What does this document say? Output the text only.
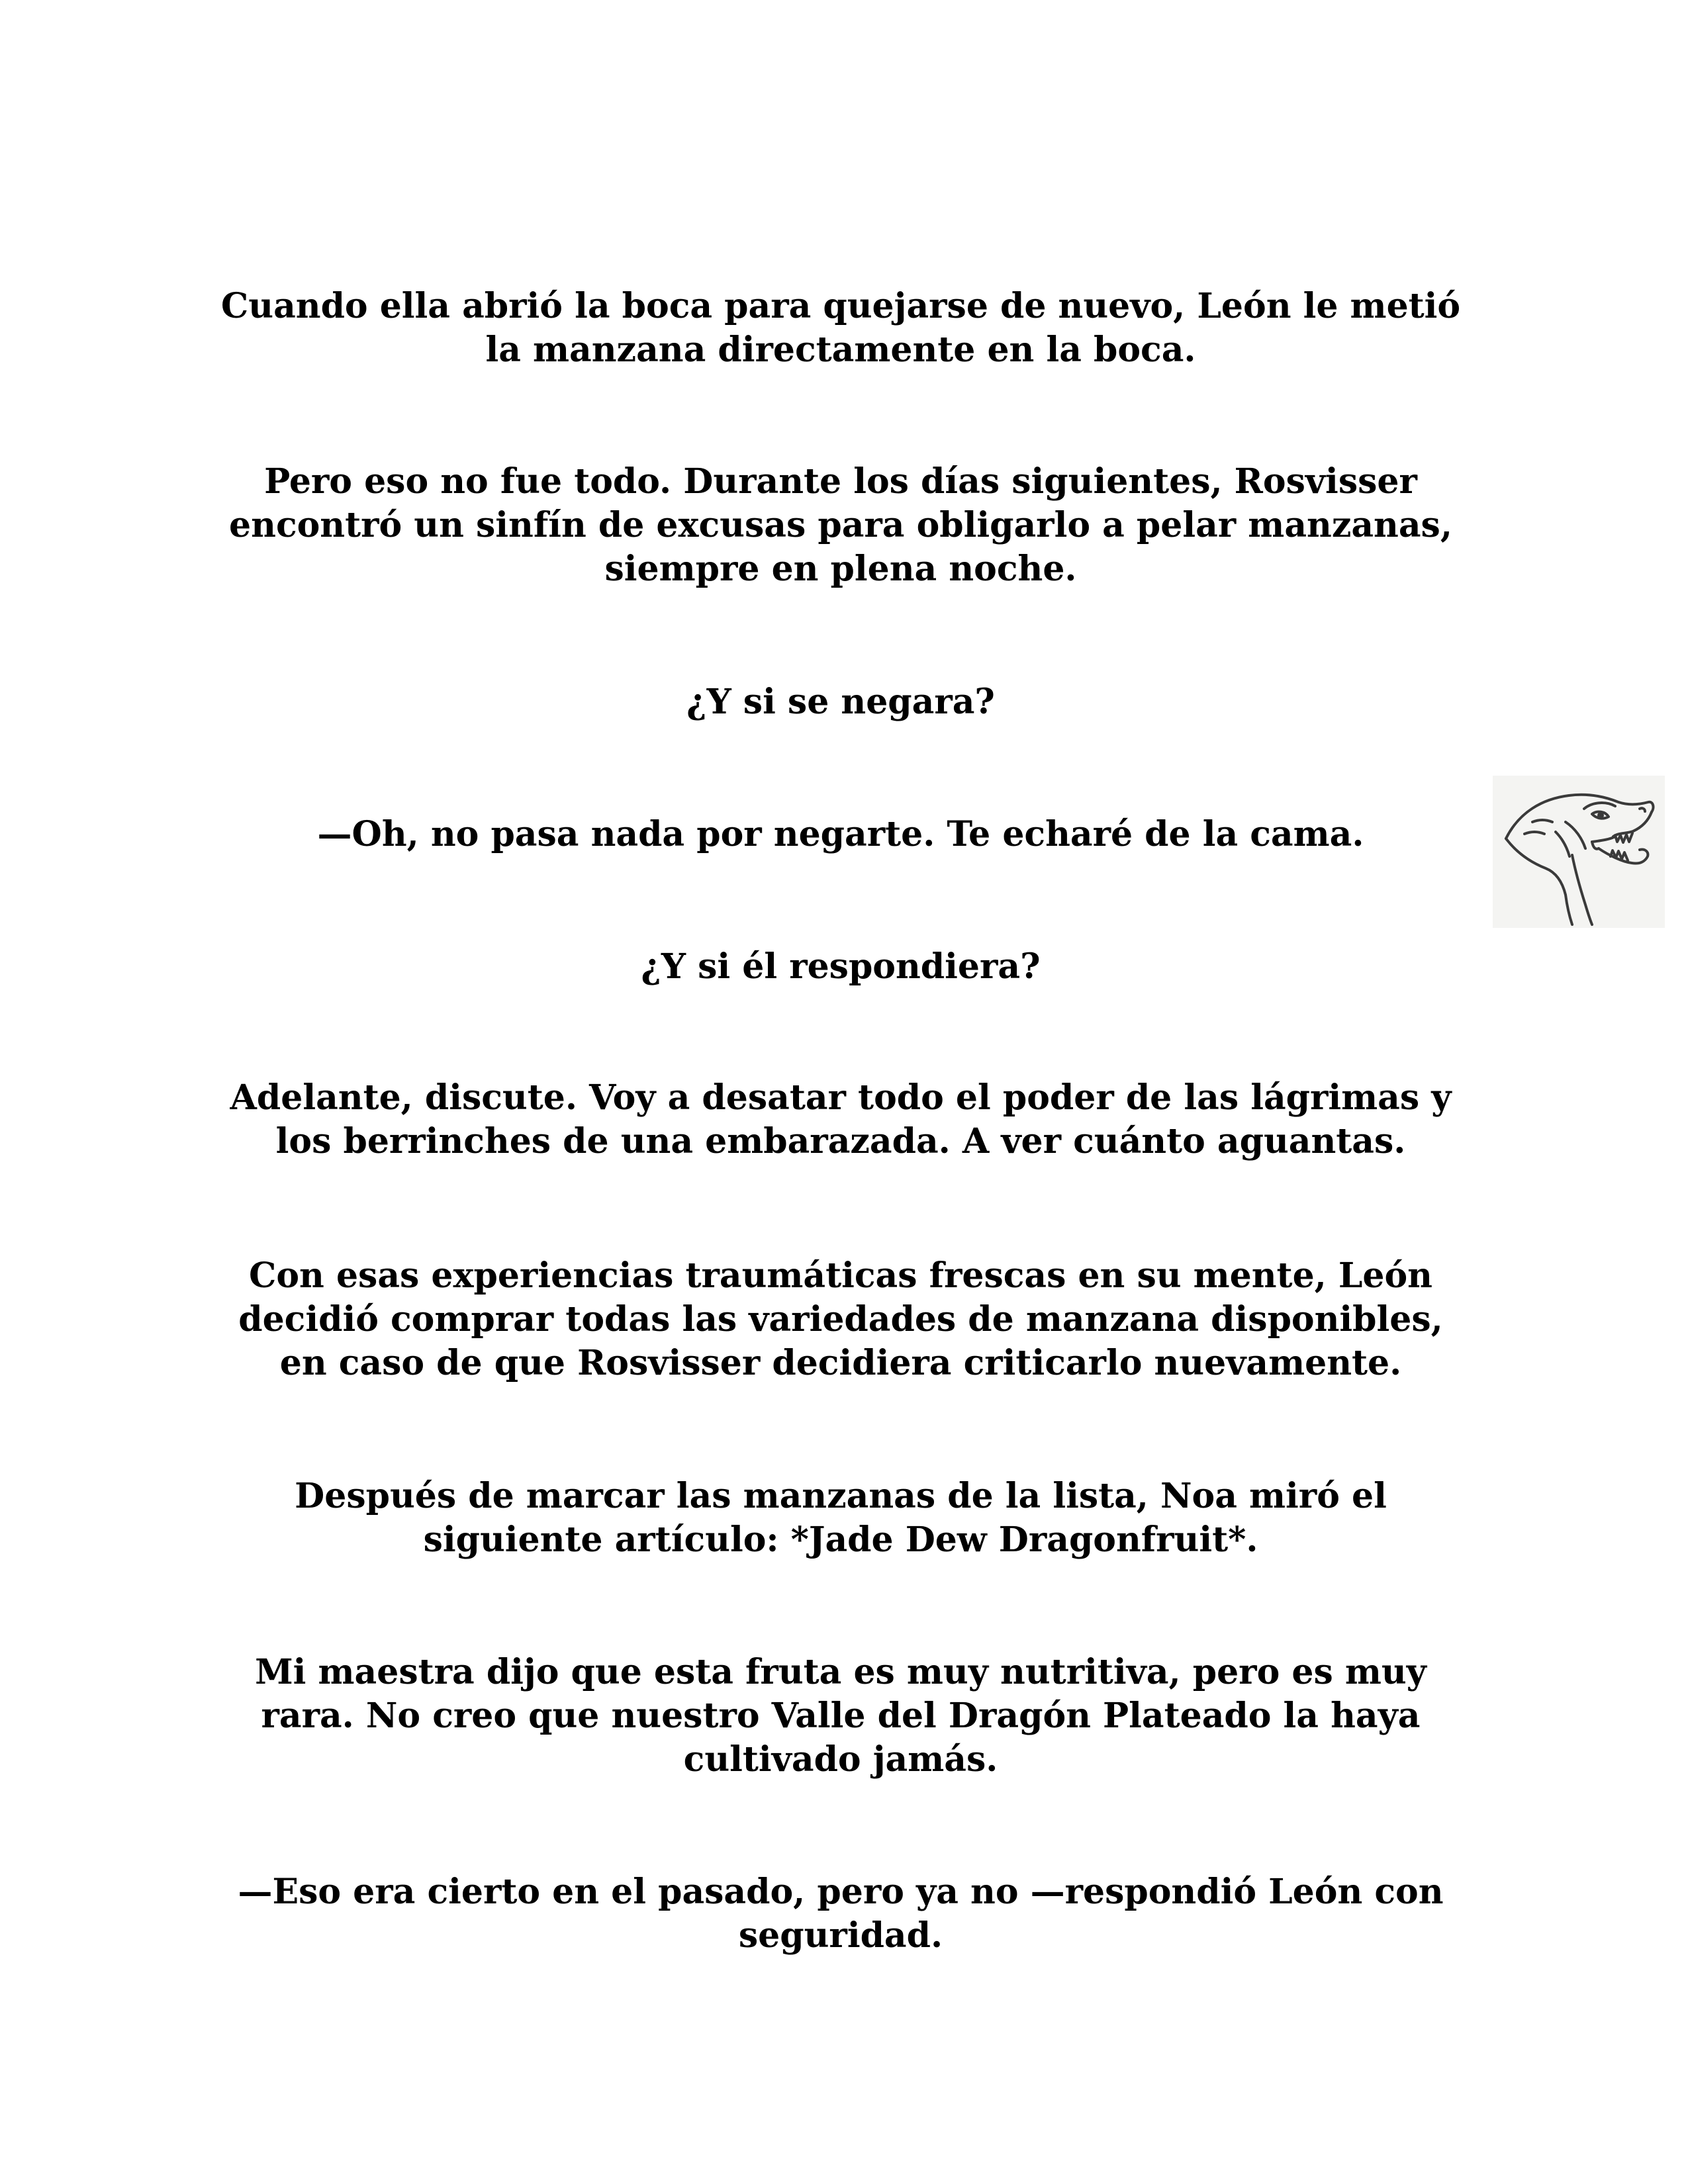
Cuando ella abrió la boca para quejarse de nuevo, León le metió la manzana directamente en la boca.

Pero eso no fue todo. Durante los días siguientes, Rosvisser encontró un sinfín de excusas para obligarlo a pelar manzanas, siempre en plena noche.

¿Y si se negara?

—Oh, no pasa nada por negarte. Te echaré de la cama.

¿Y si él respondiera?

Adelante, discute. Voy a desatar todo el poder de las lágrimas y los berrinches de una embarazada. A ver cuánto aguantas.

Con esas experiencias traumáticas frescas en su mente, León decidió comprar todas las variedades de manzana disponibles, en caso de que Rosvisser decidiera criticarlo nuevamente.

Después de marcar las manzanas de la lista, Noa miró el siguiente artículo: *Jade Dew Dragonfruit*.

Mi maestra dijo que esta fruta es muy nutritiva, pero es muy rara. No creo que nuestro Valle del Dragón Plateado la haya cultivado jamás.

—Eso era cierto en el pasado, pero ya no —respondió León con seguridad.
